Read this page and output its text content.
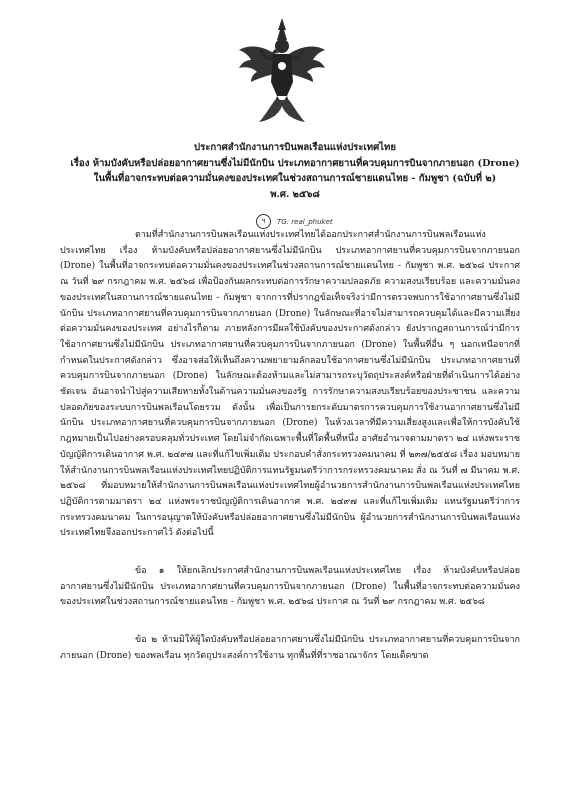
ประกาศสำนักงานการบินพลเรือนแห่งประเทศไทย
เรื่อง ห้ามบังคับหรือปล่อยอากาศยานซึ่งไม่มีนักบิน ประเภทอากาศยานที่ควบคุมการบินจากภายนอก (Drone)
ในพื้นที่อาจกระทบต่อความมั่นคงของประเทศในช่วงสถานการณ์ชายแดนไทย - กัมพูชา (ฉบับที่ ๒)
พ.ศ. ๒๕๖๘
ฯ	TG: real_phuket

ตามที่สำนักงานการบินพลเรือนแห่งประเทศไทยได้ออกประกาศสำนักงานการบินพลเรือนแห่งประเทศไทย เรื่อง ห้ามบังคับหรือปล่อยอากาศยานซึ่งไม่มีนักบิน ประเภทอากาศยานที่ควบคุมการบินจากภายนอก (Drone) ในพื้นที่อาจกระทบต่อความมั่นคงของประเทศในช่วงสถานการณ์ชายแดนไทย - กัมพูชา พ.ศ. ๒๕๖๘ ประกาศ ณ วันที่ ๒๙ กรกฎาคม พ.ศ. ๒๕๖๘ เพื่อป้องกันผลกระทบต่อการรักษาความปลอดภัย ความสงบเรียบร้อย และความมั่นคงของประเทศในสถานการณ์ชายแดนไทย - กัมพูชา จากการที่ปรากฏข้อเท็จจริงว่ามีการตรวจพบการใช้อากาศยานซึ่งไม่มีนักบิน ประเภทอากาศยานที่ควบคุมการบินจากภายนอก (Drone) ในลักษณะที่อาจไม่สามารถควบคุมได้และมีความเสี่ยงต่อความมั่นคงของประเทศ อย่างไรก็ตาม ภายหลังการมีผลใช้บังคับของประกาศดังกล่าว ยังปรากฏสถานการณ์ว่ามีการใช้อากาศยานซึ่งไม่มีนักบิน ประเภทอากาศยานที่ควบคุมการบินจากภายนอก (Drone) ในพื้นที่อื่น ๆ นอกเหนือจากที่กำหนดในประกาศดังกล่าว ซึ่งอาจส่อให้เห็นถึงความพยายามลักลอบใช้อากาศยานซึ่งไม่มีนักบิน ประเภทอากาศยานที่ควบคุมการบินจากภายนอก (Drone) ในลักษณะต้องห้ามและไม่สามารถระบุวัตถุประสงค์หรือฝ่ายที่ดำเนินการได้อย่างชัดเจน อันอาจนำไปสู่ความเสียหายทั้งในด้านความมั่นคงของรัฐ การรักษาความสงบเรียบร้อยของประชาชน และความปลอดภัยของระบบการบินพลเรือนโดยรวม ดังนั้น เพื่อเป็นการยกระดับมาตรการควบคุมการใช้งานอากาศยานซึ่งไม่มีนักบิน ประเภทอากาศยานที่ควบคุมการบินจากภายนอก (Drone) ในห้วงเวลาที่มีความเสี่ยงสูงและเพื่อให้การบังคับใช้กฎหมายเป็นไปอย่างครอบคลุมทั่วประเทศ โดยไม่จำกัดเฉพาะพื้นที่ใดพื้นที่หนึ่ง อาศัยอำนาจตามมาตรา ๒๔ แห่งพระราชบัญญัติการเดินอากาศ พ.ศ. ๒๔๙๗ และที่แก้ไขเพิ่มเติม ประกอบคำสั่งกระทรวงคมนาคม ที่ ๒๓๗/๒๕๕๘ เรื่อง มอบหมายให้สำนักงานการบินพลเรือนแห่งประเทศไทยปฏิบัติการแทนรัฐมนตรีว่าการกระทรวงคมนาคม สั่ง ณ วันที่ ๗ มีนาคม พ.ศ. ๒๕๖๘ ที่มอบหมายให้สำนักงานการบินพลเรือนแห่งประเทศไทยผู้อำนวยการสำนักงานการบินพลเรือนแห่งประเทศไทยปฏิบัติการตามมาตรา ๒๔ แห่งพระราชบัญญัติการเดินอากาศ พ.ศ. ๒๔๙๗ และที่แก้ไขเพิ่มเติม แทนรัฐมนตรีว่าการกระทรวงคมนาคม ในการอนุญาตให้บังคับหรือปล่อยอากาศยานซึ่งไม่มีนักบิน ผู้อำนวยการสำนักงานการบินพลเรือนแห่งประเทศไทยจึงออกประกาศไว้ ดังต่อไปนี้

ข้อ ๑ ให้ยกเลิกประกาศสำนักงานการบินพลเรือนแห่งประเทศไทย เรื่อง ห้ามบังคับหรือปล่อยอากาศยานซึ่งไม่มีนักบิน ประเภทอากาศยานที่ควบคุมการบินจากภายนอก (Drone) ในพื้นที่อาจกระทบต่อความมั่นคงของประเทศในช่วงสถานการณ์ชายแดนไทย - กัมพูชา พ.ศ. ๒๕๖๘ ประกาศ ณ วันที่ ๒๙ กรกฎาคม พ.ศ. ๒๕๖๘

ข้อ ๒ ห้ามมิให้ผู้ใดบังคับหรือปล่อยอากาศยานซึ่งไม่มีนักบิน ประเภทอากาศยานที่ควบคุมการบินจากภายนอก (Drone) ของพลเรือน ทุกวัตถุประสงค์การใช้งาน ทุกพื้นที่ที่ราชอาณาจักร โดยเด็ดขาด
